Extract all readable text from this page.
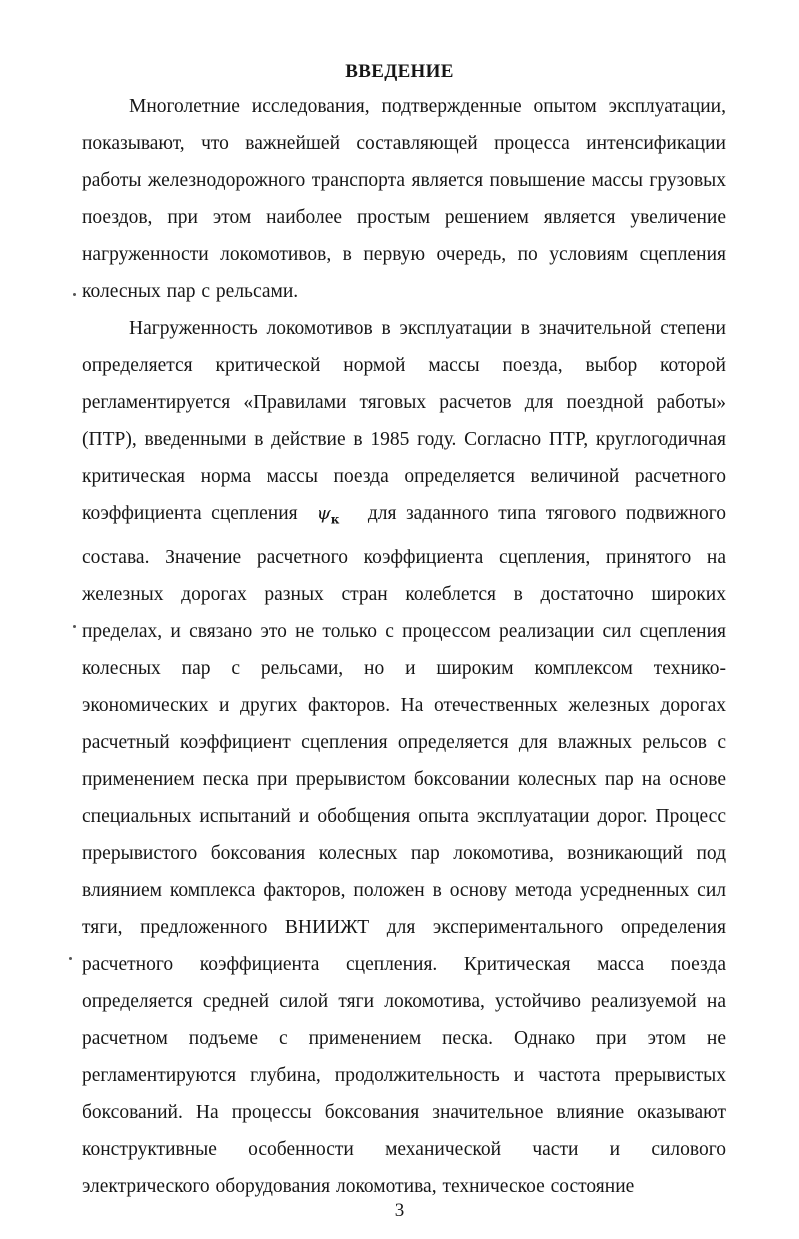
ВВЕДЕНИЕ

Многолетние исследования, подтвержденные опытом эксплуатации, показывают, что важнейшей составляющей процесса интенсификации работы железнодорожного транспорта является повышение массы грузовых поездов, при этом наиболее простым решением является увеличение нагруженности локомотивов, в первую очередь, по условиям сцепления колесных пар с рельсами.

Нагруженность локомотивов в эксплуатации в значительной степени определяется критической нормой массы поезда, выбор которой регламентируется «Правилами тяговых расчетов для поездной работы» (ПТР), введенными в действие в 1985 году. Согласно ПТР, круглогодичная критическая норма массы поезда определяется величиной расчетного коэффициента сцепления $\psi_к$ для заданного типа тягового подвижного состава. Значение расчетного коэффициента сцепления, принятого на железных дорогах разных стран колеблется в достаточно широких пределах, и связано это не только с процессом реализации сил сцепления колесных пар с рельсами, но и широким комплексом технико-экономических и других факторов. На отечественных железных дорогах расчетный коэффициент сцепления определяется для влажных рельсов с применением песка при прерывистом боксовании колесных пар на основе специальных испытаний и обобщения опыта эксплуатации дорог. Процесс прерывистого боксования колесных пар локомотива, возникающий под влиянием комплекса факторов, положен в основу метода усредненных сил тяги, предложенного ВНИИЖТ для экспериментального определения расчетного коэффициента сцепления. Критическая масса поезда определяется средней силой тяги локомотива, устойчиво реализуемой на расчетном подъеме с применением песка. Однако при этом не регламентируются глубина, продолжительность и частота прерывистых боксований. На процессы боксования значительное влияние оказывают конструктивные особенности механической части и силового электрического оборудования локомотива, техническое состояние

3
